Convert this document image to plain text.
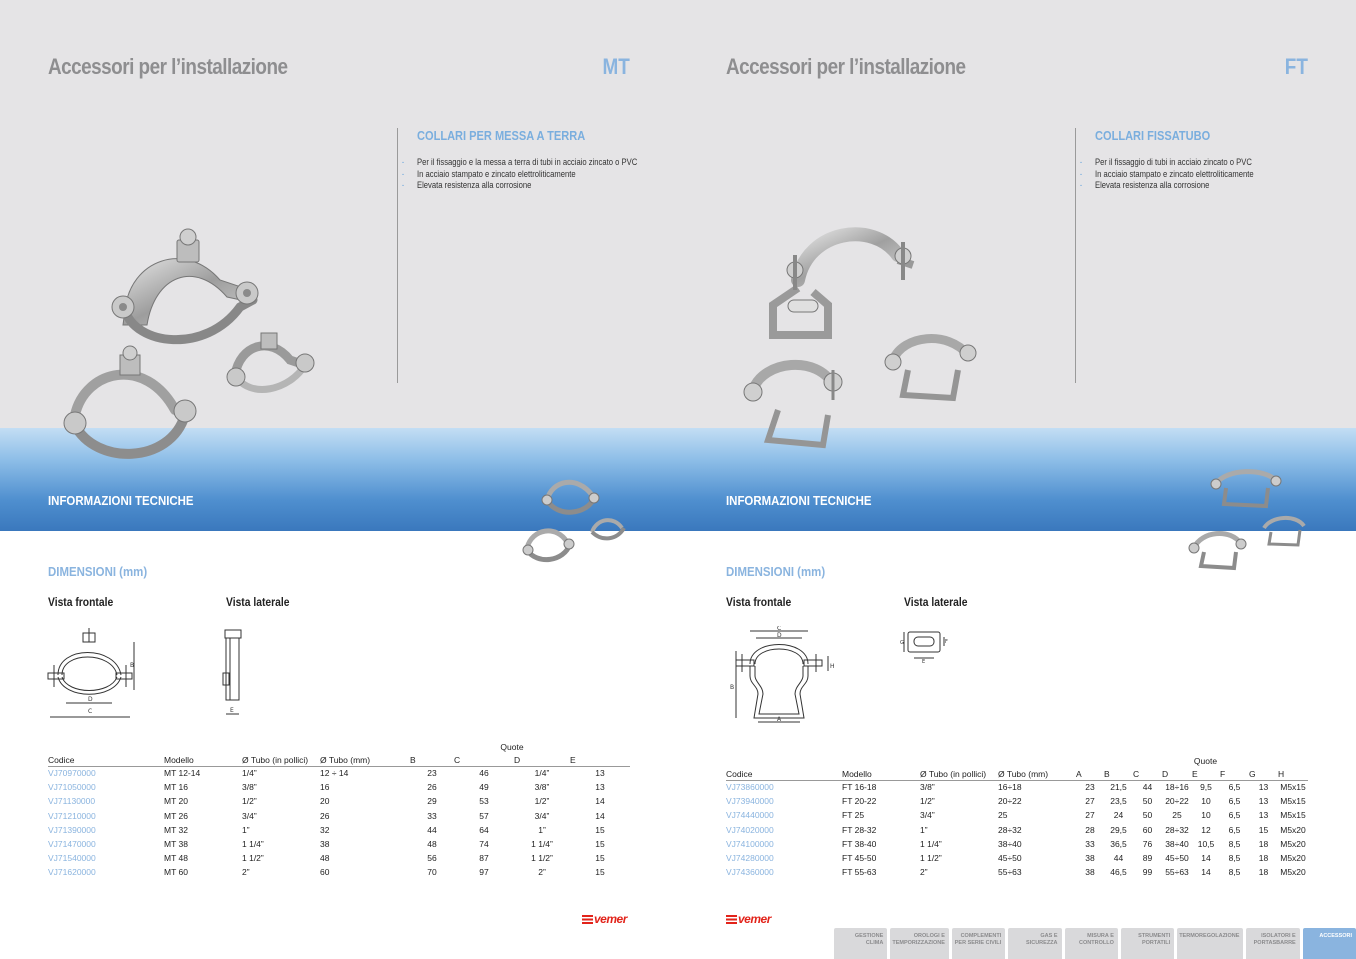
Accessori per l’installazione	MT
COLLARI PER MESSA A TERRA
- Per il fissaggio e la messa a terra di tubi in acciaio zincato o PVC
- In acciaio stampato e zincato elettroliticamente
- Elevata resistenza alla corrosione
INFORMAZIONI TECNICHE
DIMENSIONI (mm)
Vista frontale	Vista laterale
C
D
B
E
					Quote		
Codice	Modello	Ø Tubo (in pollici)	Ø Tubo (mm)	B	C	D	E
VJ70970000	MT 12-14	1/4”	12 ÷ 14	23	46	1/4”	13
VJ71050000	MT 16	3/8”	16	26	49	3/8”	13
VJ71130000	MT 20	1/2”	20	29	53	1/2”	14
VJ71210000	MT 26	3/4”	26	33	57	3/4”	14
VJ71390000	MT 32	1”	32	44	64	1”	15
VJ71470000	MT 38	1 1/4”	38	48	74	1 1/4”	15
VJ71540000	MT 48	1 1/2”	48	56	87	1 1/2”	15
VJ71620000	MT 60	2”	60	70	97	2”	15
vemer
Accessori per l’installazione	FT
COLLARI FISSATUBO
- Per il fissaggio di tubi in acciaio zincato o PVC
- In acciaio stampato e zincato elettroliticamente
- Elevata resistenza alla corrosione
INFORMAZIONI TECNICHE
DIMENSIONI (mm)
Vista frontale	Vista laterale
C
D
B
A
H
G	F
E
							Quote				
Codice	Modello	Ø Tubo (in pollici)	Ø Tubo (mm)	A	B	C	D	E	F	G	H
VJ73860000	FT 16-18	3/8”	16÷18	23	21,5	44	18÷16	9,5	6,5	13	M5x15
VJ73940000	FT 20-22	1/2”	20÷22	27	23,5	50	20÷22	10	6,5	13	M5x15
VJ74440000	FT 25	3/4”	25	27	24	50	25	10	6,5	13	M5x15
VJ74020000	FT 28-32	1”	28÷32	28	29,5	60	28÷32	12	6,5	15	M5x20
VJ74100000	FT 38-40	1 1/4”	38÷40	33	36,5	76	38÷40	10,5	8,5	18	M5x20
VJ74280000	FT 45-50	1 1/2”	45÷50	38	44	89	45÷50	14	8,5	18	M5x20
VJ74360000	FT 55-63	2”	55÷63	38	46,5	99	55÷63	14	8,5	18	M5x20
vemer
GESTIONE CLIMA
OROLOGI E TEMPORIZZAZIONE
COMPLEMENTI PER SERIE CIVILI
GAS E SICUREZZA
MISURA E CONTROLLO
STRUMENTI PORTATILI
TERMOREGOLAZIONE	ISOLATORI E PORTASBARRE
ACCESSORI
